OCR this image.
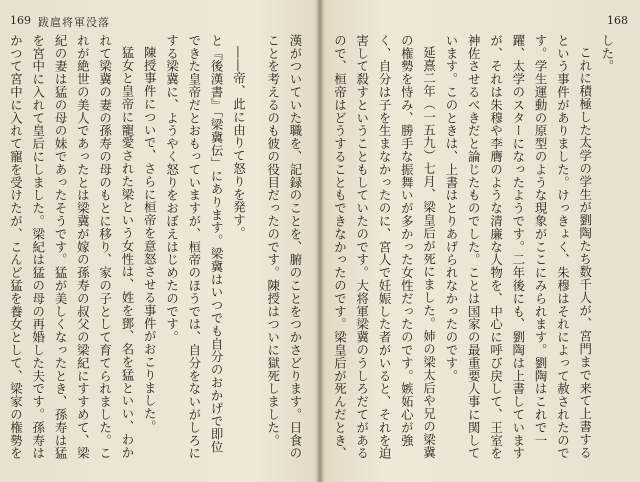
169 跋扈将軍没落

漢がついていた職を、記録のことを、腑のことをつかさどります。日食のことを考えるのも彼の役目だったのです。陳授はついに獄死しました。

――帝、此に由りて怒りを発す。

と『後漢書』「梁冀伝」にあります。梁冀はいつでも自分のおかげで即位できた皇帝だとおもっていますが、桓帝のほうでは、自分をないがしろにする梁冀に、ようやく怒りをおぼえはじめたのです。

陳授事件についで、さらに桓帝を意怒させる事件がおこりました。

猛女と皇帝に寵愛された梁という女性は、姓を鄧、名を猛といい、わかれて梁冀の妻の孫寿の母のもとに移り、家の子として育てられました。これが絶世の美人であったとは梁冀が嫁の孫寿の叔父の梁紀にすすめて、梁紀の妻は猛の母の妹であったそうです。猛が美しくなったとき、孫寿は猛を宮中に入れて皇后にしました。梁紀は猛の母の再婚した夫です。孫寿はかつて宮中に入れて寵を受けたが、こんど猛を養女として、梁家の権勢を

168

した。

これに積極した太学の学生が劉陶たち数千人が、宮門まで来て上書するという事件がありました。けっきょく、朱穆はそれによって赦されたのです。学生運動の原型のような現象がここにみられます。劉陶はこれで一躍、太学のスターになったようです。二年後にも、劉陶は上書していますが、それは朱穆や李膺のような清廉な人物を、中心に呼び戻して、王室を神佐させるべきだと論じたものでした。ことは国家の最重要人事に関しています。このときは、上書はとりあげられなかったのです。

延熹二年（一五九）七月、梁皇后が死にました。姉の梁太后や兄の梁冀の権勢を恃み、勝手な振舞いが多かった女性だったのです。嫉妬心が強く、自分は子を生まなかったのに、宮人で妊娠した者がいると、それを迫害して殺すということもしていたのです。大将軍梁冀のうしろだてがあるので、桓帝はどうすることもできなかったのです。梁皇后が死んだとき、
